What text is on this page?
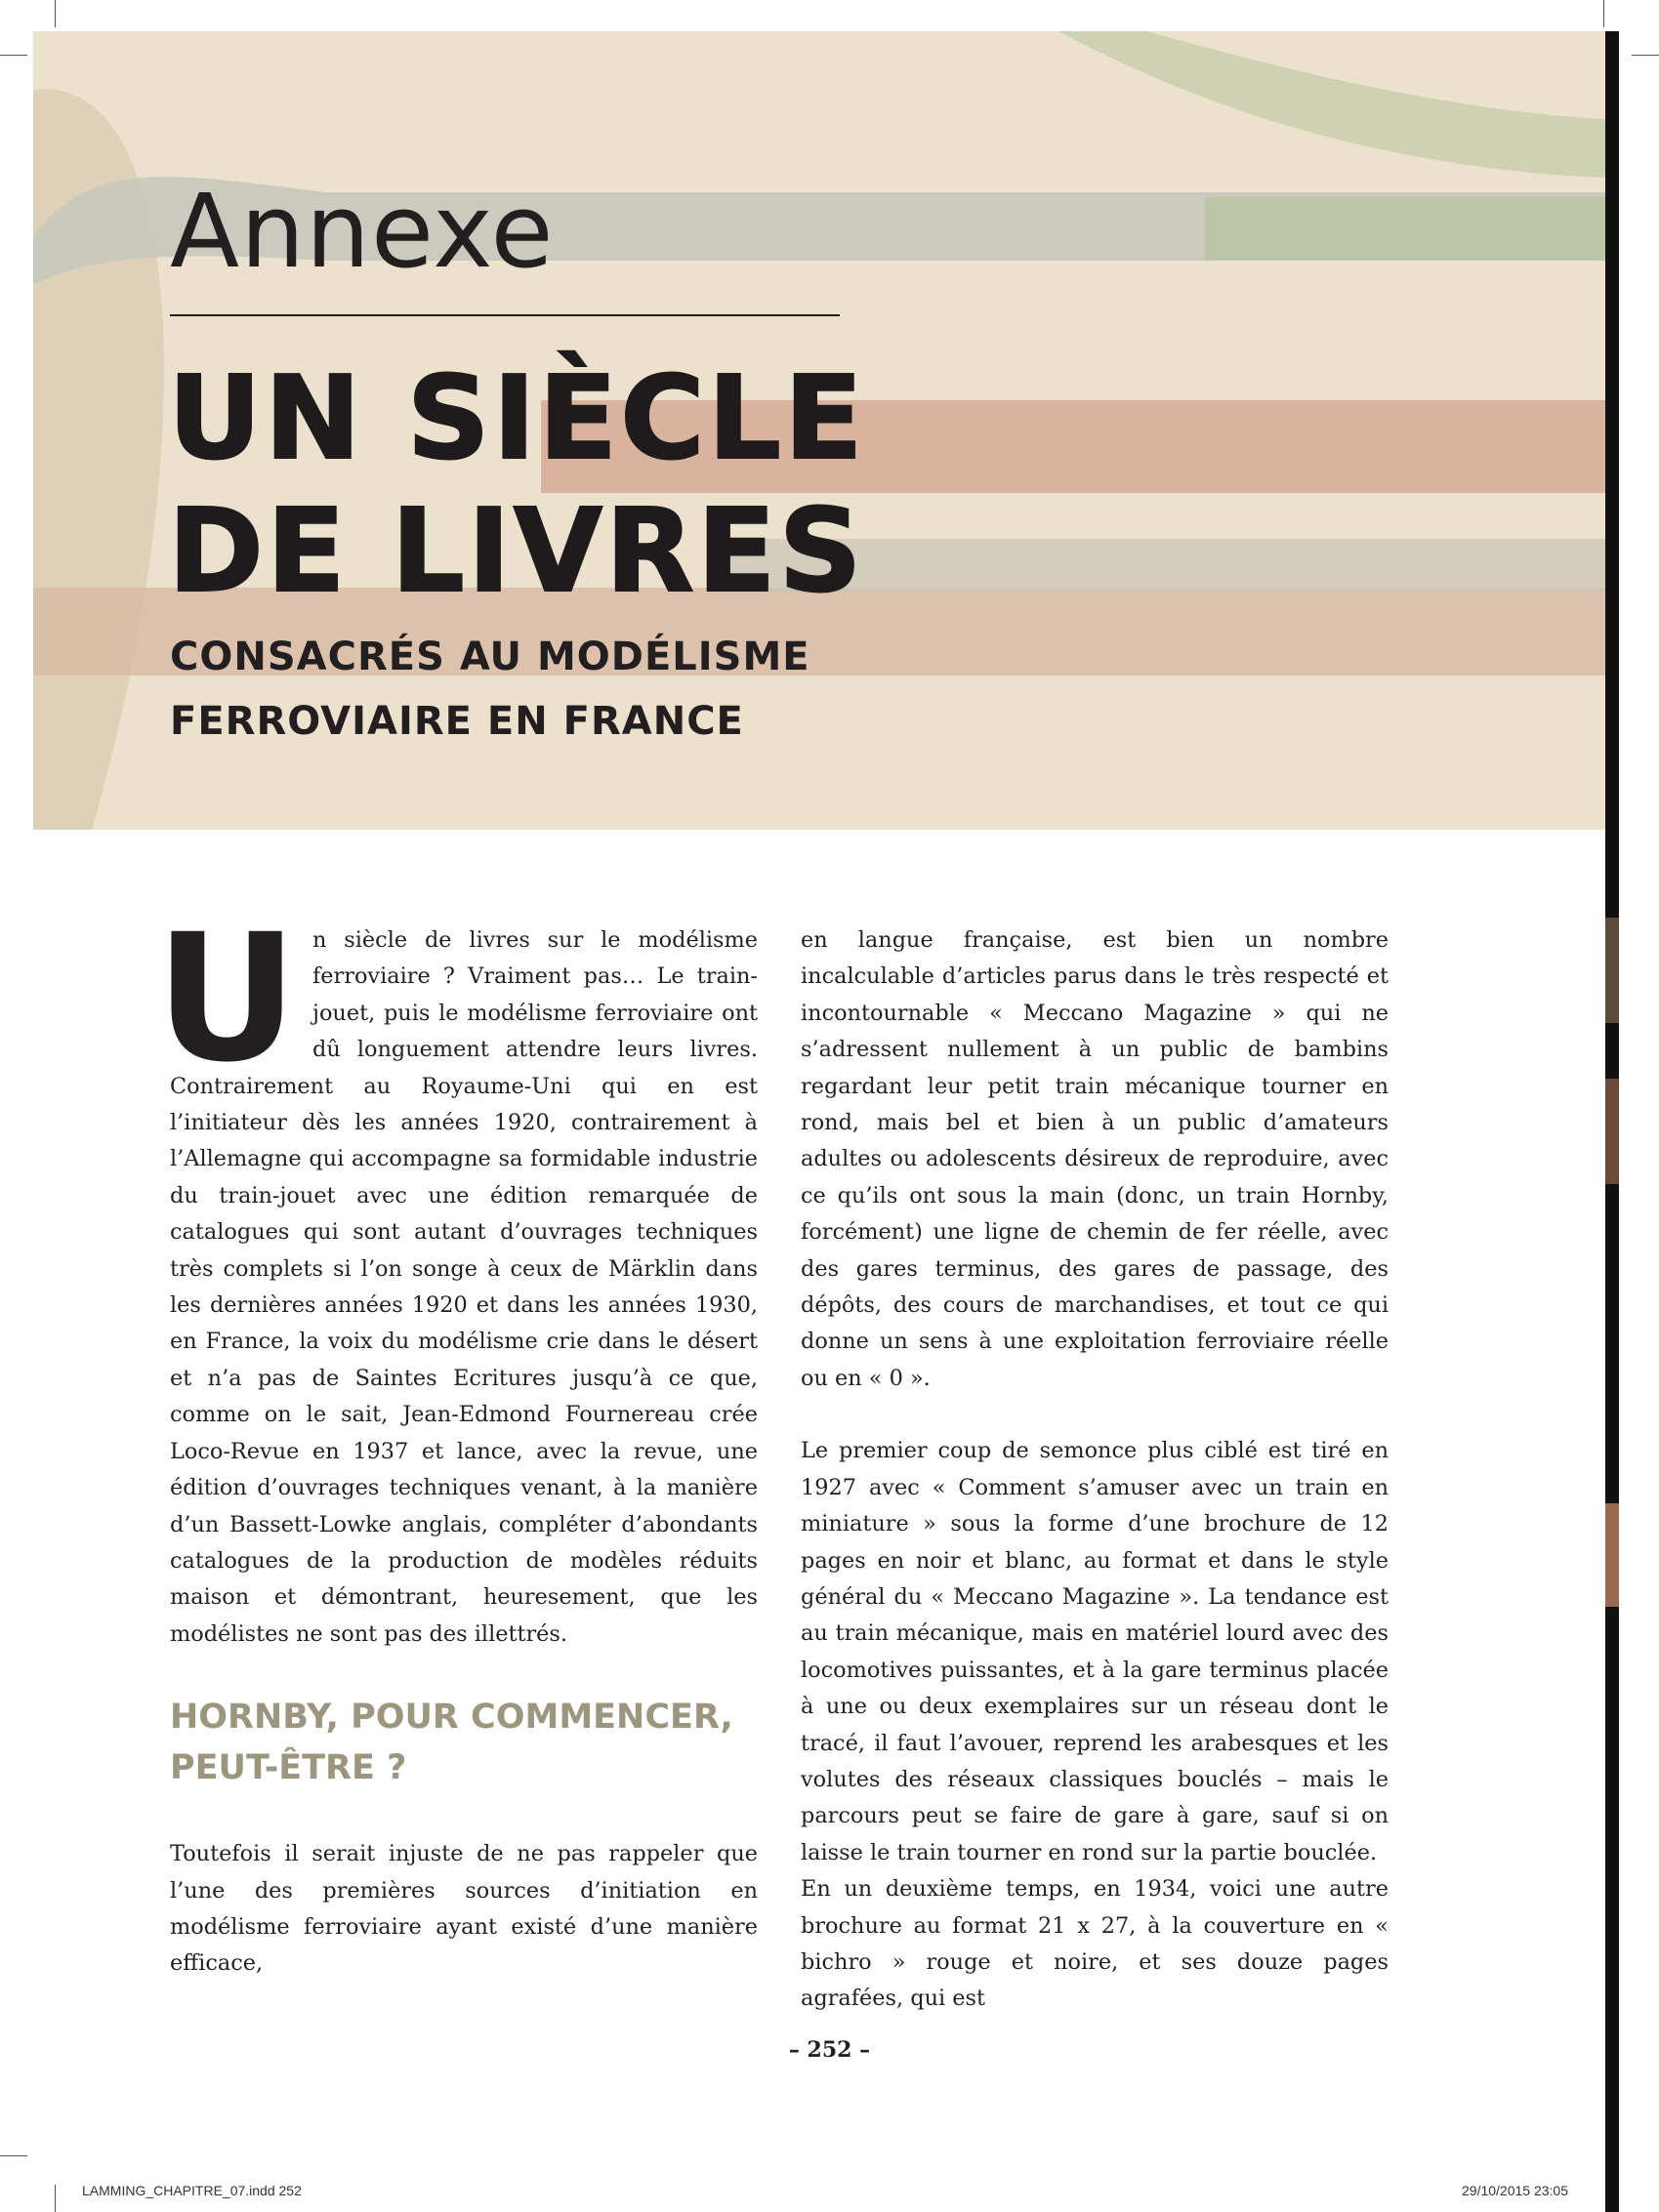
Annexe
UN SIÈCLE
DE LIVRES
CONSACRÉS AU MODÉLISME
FERROVIAIRE EN FRANCE
U n siècle de livres sur le modélisme ferroviaire ? Vraiment pas… Le train-jouet, puis le modélisme ferroviaire ont dû longuement attendre leurs livres. Contrairement au Royaume-Uni qui en est l’initiateur dès les années 1920, contrairement à l’Allemagne qui accompagne sa formidable industrie du train-jouet avec une édition remarquée de catalogues qui sont autant d’ouvrages techniques très complets si l’on songe à ceux de Märklin dans les dernières années 1920 et dans les années 1930, en France, la voix du modélisme crie dans le désert et n’a pas de Saintes Ecritures jusqu’à ce que, comme on le sait, Jean-Edmond Fournereau crée Loco-Revue en 1937 et lance, avec la revue, une édition d’ouvrages techniques venant, à la manière d’un Bassett-Lowke anglais, compléter d’abondants catalogues de la production de modèles réduits maison et démontrant, heuresement, que les modélistes ne sont pas des illettrés.

HORNBY, POUR COMMENCER,
PEUT-ÊTRE ?

Toutefois il serait injuste de ne pas rappeler que l’une des premières sources d’initiation en modélisme ferroviaire ayant existé d’une manière efficace,

en langue française, est bien un nombre incalculable d’articles parus dans le très respecté et incontournable « Meccano Magazine » qui ne s’adressent nullement à un public de bambins regardant leur petit train mécanique tourner en rond, mais bel et bien à un public d’amateurs adultes ou adolescents désireux de reproduire, avec ce qu’ils ont sous la main (donc, un train Hornby, forcément) une ligne de chemin de fer réelle, avec des gares terminus, des gares de passage, des dépôts, des cours de marchandises, et tout ce qui donne un sens à une exploitation ferroviaire réelle ou en « 0 ».

Le premier coup de semonce plus ciblé est tiré en 1927 avec « Comment s’amuser avec un train en miniature » sous la forme d’une brochure de 12 pages en noir et blanc, au format et dans le style général du « Meccano Magazine ». La tendance est au train mécanique, mais en matériel lourd avec des locomotives puissantes, et à la gare terminus placée à une ou deux exemplaires sur un réseau dont le tracé, il faut l’avouer, reprend les arabesques et les volutes des réseaux classiques bouclés – mais le parcours peut se faire de gare à gare, sauf si on laisse le train tourner en rond sur la partie bouclée.

En un deuxième temps, en 1934, voici une autre brochure au format 21 x 27, à la couverture en « bichro » rouge et noire, et ses douze pages agrafées, qui est

– 252 –
LAMMING_CHAPITRE_07.indd 252	29/10/2015 23:05
